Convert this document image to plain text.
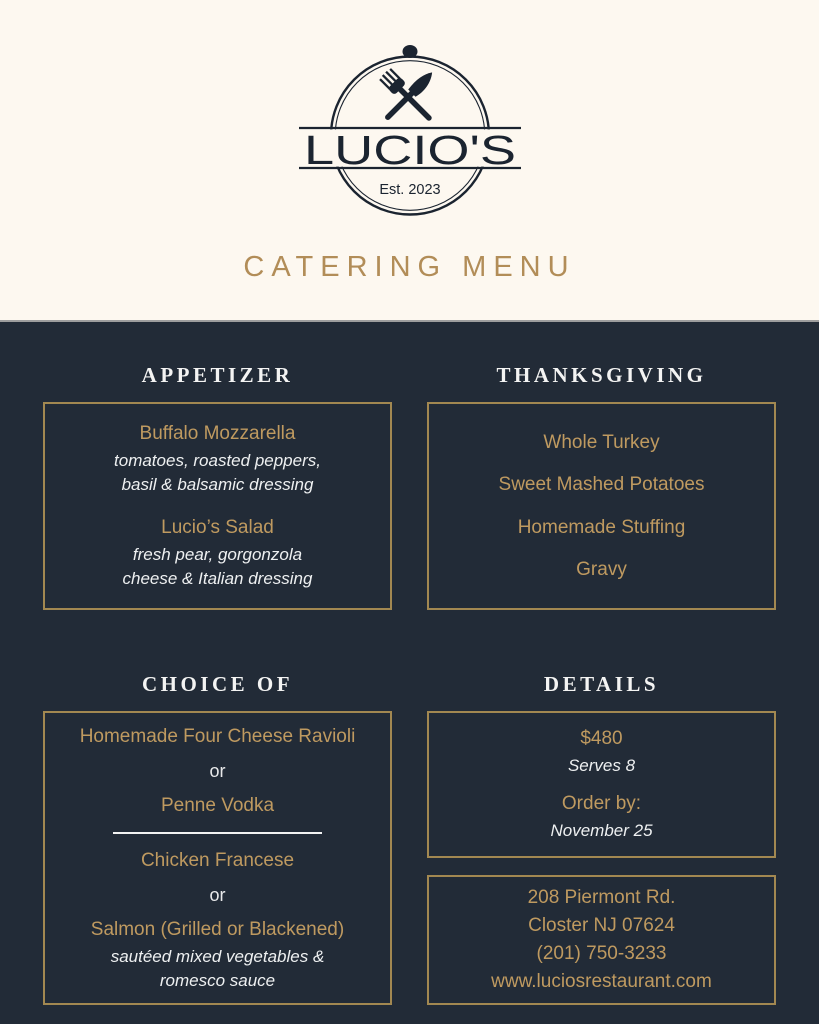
LUCIO'S
Est. 2023
CATERING MENU
APPETIZER
Buffalo Mozzarella
tomatoes, roasted peppers,
basil & balsamic dressing
Lucio’s Salad
fresh pear, gorgonzola
cheese & Italian dressing
THANKSGIVING
Whole Turkey
Sweet Mashed Potatoes
Homemade Stuffing
Gravy
CHOICE OF
Homemade Four Cheese Ravioli
or
Penne Vodka
Chicken Francese
or
Salmon (Grilled or Blackened)
sautéed mixed vegetables &
romesco sauce
DETAILS
$480
Serves 8
Order by:
November 25
208 Piermont Rd.
Closter NJ 07624
(201) 750-3233
www.luciosrestaurant.com
